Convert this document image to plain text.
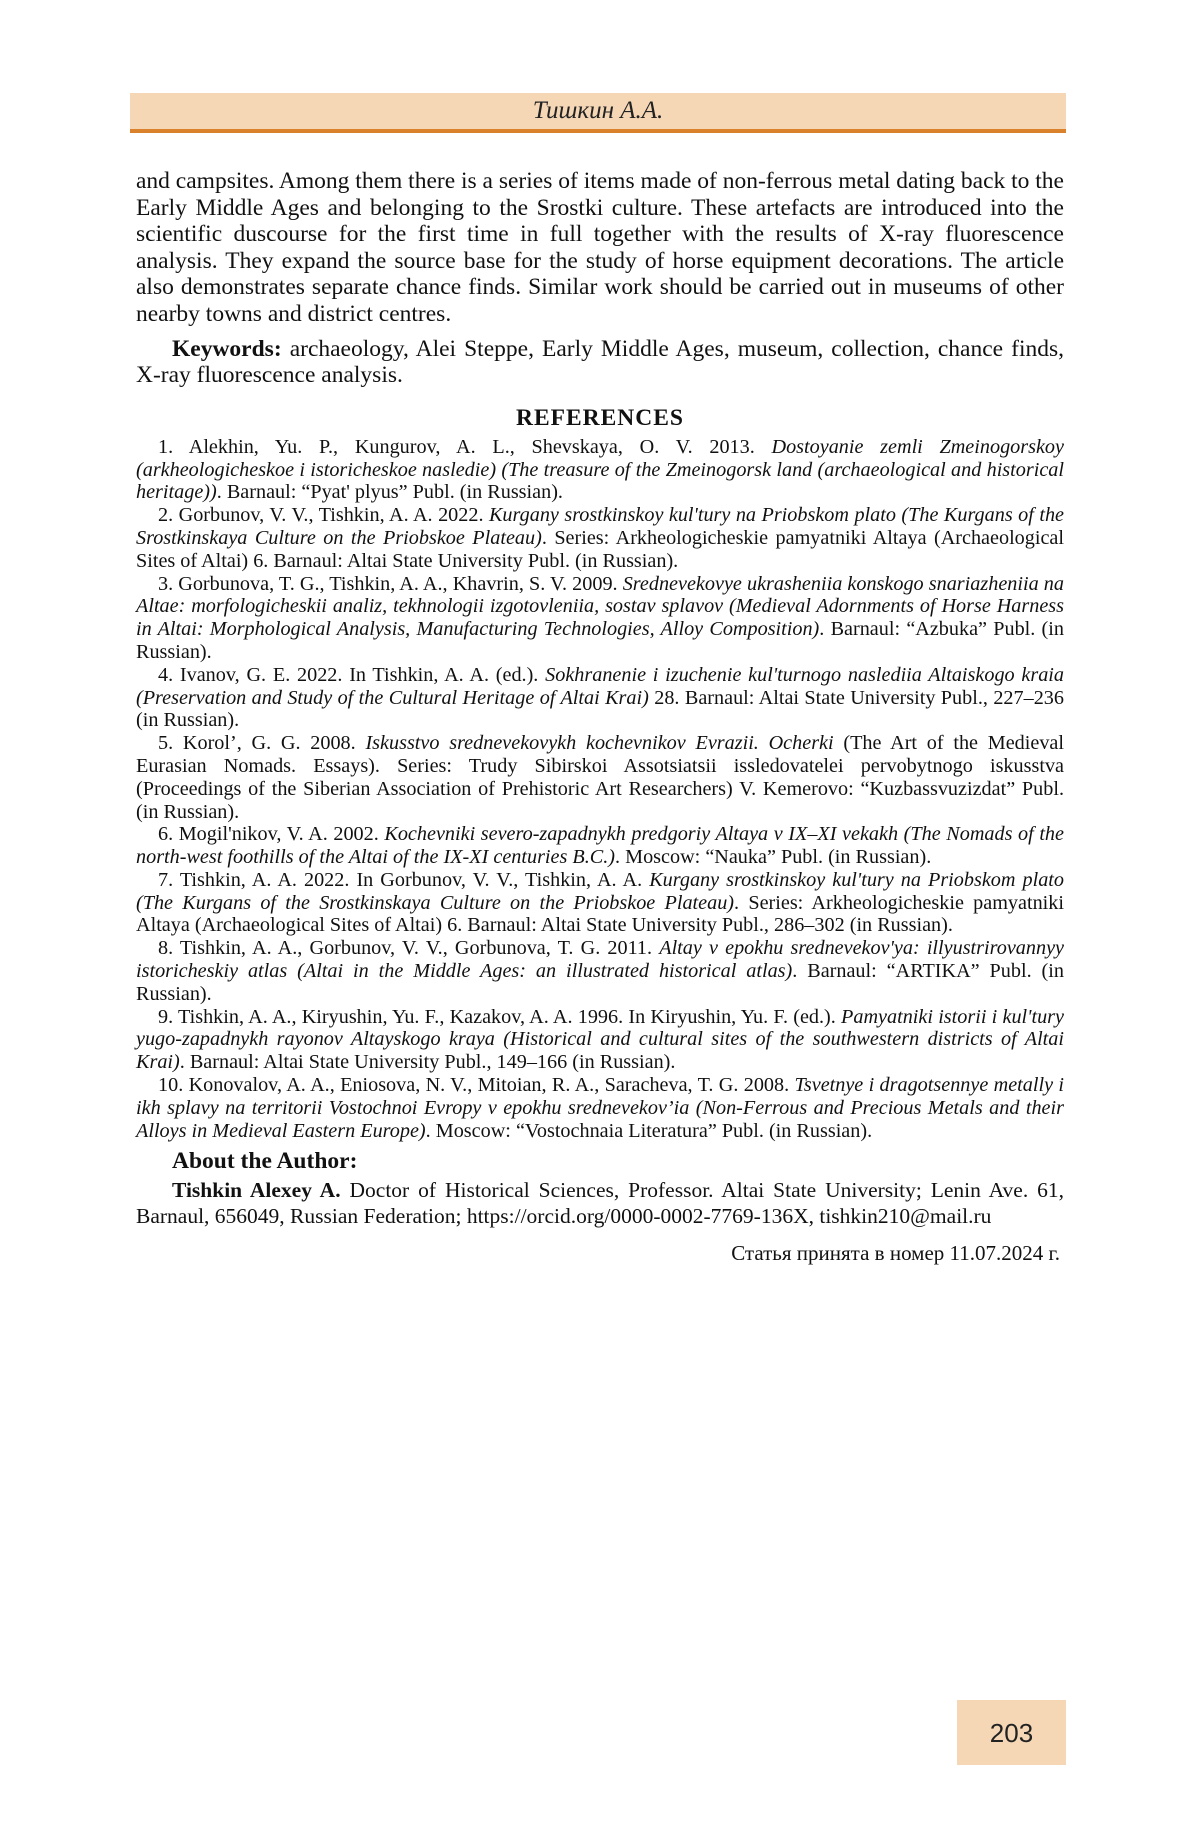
Тишкин А.А.

and campsites. Among them there is a series of items made of non-ferrous metal dating back to the Early Middle Ages and belonging to the Srostki culture. These artefacts are introduced into the scientific duscourse for the first time in full together with the results of X-ray fluorescence analysis. They expand the source base for the study of horse equipment decorations. The article also demonstrates separate chance finds. Similar work should be carried out in museums of other nearby towns and district centres.

Keywords: archaeology, Alei Steppe, Early Middle Ages, museum, collection, chance finds, X-ray fluorescence analysis.

REFERENCES

1. Alekhin, Yu. P., Kungurov, A. L., Shevskaya, O. V. 2013. Dostoyanie zemli Zmeinogorskoy (arkheologicheskoe i istoricheskoe nasledie) (The treasure of the Zmeinogorsk land (archaeological and historical heritage)). Barnaul: “Pyat' plyus” Publ. (in Russian).

2. Gorbunov, V. V., Tishkin, A. A. 2022. Kurgany srostkinskoy kul'tury na Priobskom plato (The Kurgans of the Srostkinskaya Culture on the Priobskoe Plateau). Series: Arkheologicheskie pamyatniki Altaya (Archaeological Sites of Altai) 6. Barnaul: Altai State University Publ. (in Russian).

3. Gorbunova, T. G., Tishkin, A. A., Khavrin, S. V. 2009. Srednevekovye ukrasheniia konskogo snariazheniia na Altae: morfologicheskii analiz, tekhnologii izgotovleniia, sostav splavov (Medieval Adornments of Horse Harness in Altai: Morphological Analysis, Manufacturing Technologies, Alloy Composition). Barnaul: “Azbuka” Publ. (in Russian).

4. Ivanov, G. E. 2022. In Tishkin, A. A. (ed.). Sokhranenie i izuchenie kul'turnogo naslediia Altaiskogo kraia (Preservation and Study of the Cultural Heritage of Altai Krai) 28. Barnaul: Altai State University Publ., 227–236 (in Russian).

5. Korol’, G. G. 2008. Iskusstvo srednevekovykh kochevnikov Evrazii. Ocherki (The Art of the Medieval Eurasian Nomads. Essays). Series: Trudy Sibirskoi Assotsiatsii issledovatelei pervobytnogo iskusstva (Proceedings of the Siberian Association of Prehistoric Art Researchers) V. Kemerovo: “Kuzbassvuzizdat” Publ. (in Russian).

6. Mogil'nikov, V. A. 2002. Kochevniki severo-zapadnykh predgoriy Altaya v IX–XI vekakh (The Nomads of the north-west foothills of the Altai of the IX-XI centuries B.C.). Moscow: “Nauka” Publ. (in Russian).

7. Tishkin, A. A. 2022. In Gorbunov, V. V., Tishkin, A. A. Kurgany srostkinskoy kul'tury na Priobskom plato (The Kurgans of the Srostkinskaya Culture on the Priobskoe Plateau). Series: Arkheologicheskie pamyatniki Altaya (Archaeological Sites of Altai) 6. Barnaul: Altai State University Publ., 286–302 (in Russian).

8. Tishkin, A. A., Gorbunov, V. V., Gorbunova, T. G. 2011. Altay v epokhu srednevekov'ya: illyustrirovannyy istoricheskiy atlas (Altai in the Middle Ages: an illustrated historical atlas). Barnaul: “ARTIKA” Publ. (in Russian).

9. Tishkin, A. A., Kiryushin, Yu. F., Kazakov, A. A. 1996. In Kiryushin, Yu. F. (ed.). Pamyatniki istorii i kul'tury yugo-zapadnykh rayonov Altayskogo kraya (Historical and cultural sites of the southwestern districts of Altai Krai). Barnaul: Altai State University Publ., 149–166 (in Russian).

10. Konovalov, A. A., Eniosova, N. V., Mitoian, R. A., Saracheva, T. G. 2008. Tsvetnye i dragotsennye metally i ikh splavy na territorii Vostochnoi Evropy v epokhu srednevekov’ia (Non-Ferrous and Precious Metals and their Alloys in Medieval Eastern Europe). Moscow: “Vostochnaia Literatura” Publ. (in Russian).

About the Author:

Tishkin Alexey A. Doctor of Historical Sciences, Professor. Altai State University; Lenin Ave. 61, Barnaul, 656049, Russian Federation; https://orcid.org/0000-0002-7769-136X, tishkin210@mail.ru

Статья принята в номер 11.07.2024 г.
203
